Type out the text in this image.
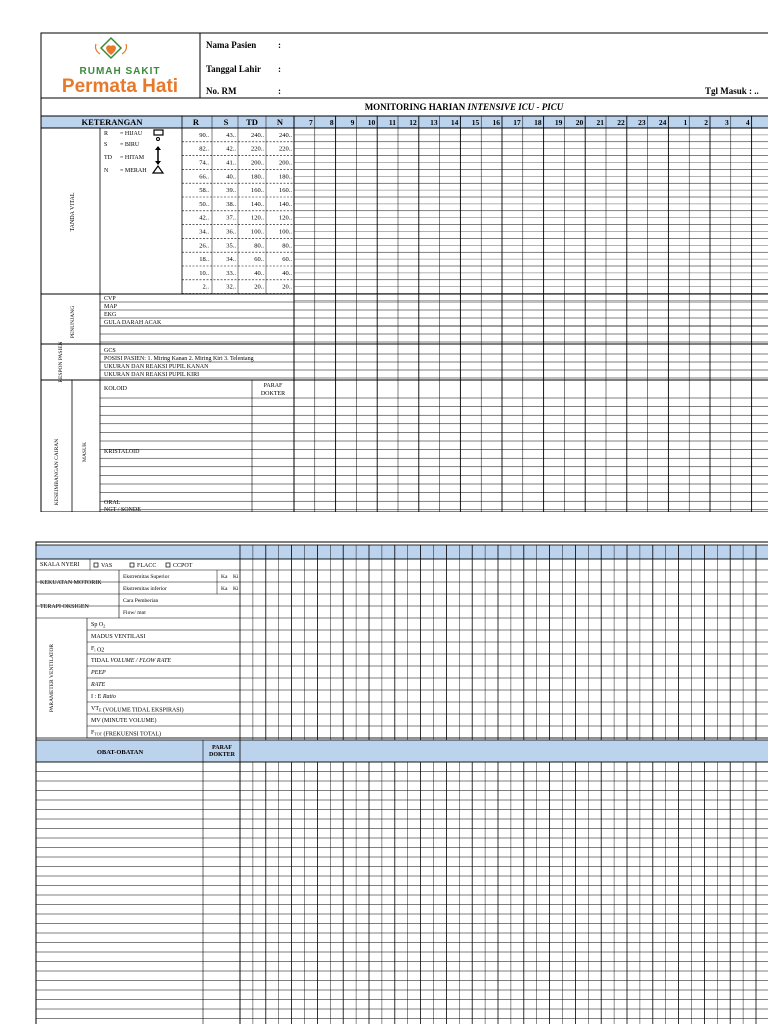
RUMAH SAKIT
Permata Hati
Nama Pasien :
Tanggal Lahir :
No. RM	:	Tgl Masuk : ..
MONITORING HARIAN INTENSIVE ICU - PICU
KETERANGAN	R	S TD N	7 8 9 10 11 12 13 14 15 16 17 18 19 20 21 22 23 24 1 2 3 4
90..	43.. 240.. 240..
82..	42.. 220.. 220..
74..	41.. 200.. 200..
66..	40.. 180.. 180..
58..	39.. 160.. 160..
50..	38.. 140.. 140..
42..	37.. 120.. 120..
34..	36.. 100.. 100..
26..	35..	80..	80..
18..	34..	60..	60..
10..	33..	40..	40..
2..	32..	20..	20..
TANDA VITAL
CVP
MAP
EKG
GULA DARAH ACAK
PENUNJANG
GCS
POSISI PASIEN: 1. Miring Kanan 2. Miring Kiri 3. Telentang
UKURAN DAN REAKSI PUPIL KANAN
UKURAN DAN REAKSI PUPIL KIRI
RESPON PASIEN
KOLOID	PARAF
DOKTER
KRISTALOID
ORAL
NGT / SONDE
KESEIMBANGAN CAIRAN	MASUK
R = HIJAU
S = BIRU
TD = HITAM
N = MERAH
SKALA NYERI	VAS	FLACC	CCPOT
KEKUATAN MOTORIK
Ekstremitas Superior	Ka Ki
Ekstremitas inferior	Ka Ki
TERAPI OKSIGEN
Cara Pemberian
Flow/ mnt
Sp $O_2$
MADUS VENTILASI
$F_i$ O2
TIDAL VOLUME / FLOW RATE
PEEP
RATE
I : E Ratio
$VT_E$ (VOLUME TIDAL EKSPIRASI)
MV (MINUTE VOLUME)
$F_{TOT}$ (FREKUENSI TOTAL)
PARAMETER VENTILATOR
OBAT-OBATAN
PARAF
DOKTER
